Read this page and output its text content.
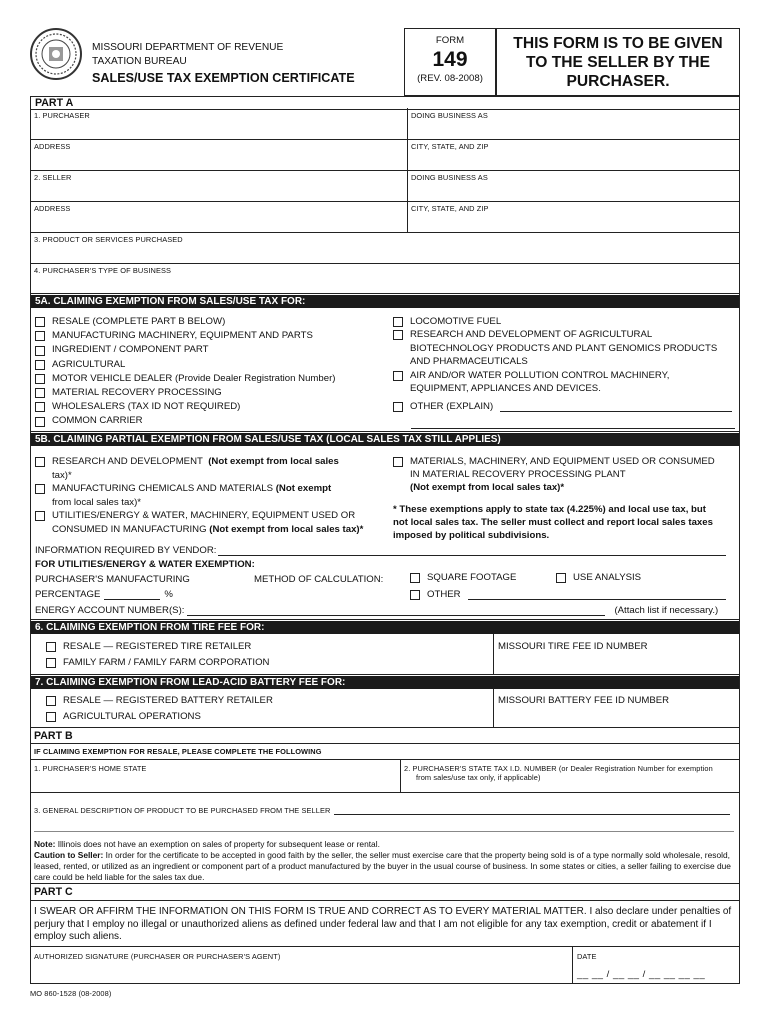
MISSOURI DEPARTMENT OF REVENUE
TAXATION BUREAU
SALES/USE TAX EXEMPTION CERTIFICATE
FORM
149
(REV. 08-2008)
THIS FORM IS TO BE GIVEN TO THE SELLER BY THE PURCHASER.
PART A
1. PURCHASER	DOING BUSINESS AS
ADDRESS	CITY, STATE, AND ZIP
2. SELLER	DOING BUSINESS AS
ADDRESS	CITY, STATE, AND ZIP
3. PRODUCT OR SERVICES PURCHASED
4. PURCHASER'S TYPE OF BUSINESS
5A. CLAIMING EXEMPTION FROM SALES/USE TAX FOR:
RESALE (COMPLETE PART B BELOW)
MANUFACTURING MACHINERY, EQUIPMENT AND PARTS
INGREDIENT / COMPONENT PART
AGRICULTURAL
MOTOR VEHICLE DEALER (Provide Dealer Registration Number)
MATERIAL RECOVERY PROCESSING
WHOLESALERS (TAX ID NOT REQUIRED)
COMMON CARRIER
LOCOMOTIVE FUEL
RESEARCH AND DEVELOPMENT OF AGRICULTURAL
BIOTECHNOLOGY PRODUCTS AND PLANT GENOMICS PRODUCTS
AND PHARMACEUTICALS
AIR AND/OR WATER POLLUTION CONTROL MACHINERY,
EQUIPMENT, APPLIANCES AND DEVICES.
OTHER (EXPLAIN)
5B. CLAIMING PARTIAL EXEMPTION FROM SALES/USE TAX (LOCAL SALES TAX STILL APPLIES)
RESEARCH AND DEVELOPMENT (Not exempt from local sales
tax)*
MANUFACTURING CHEMICALS AND MATERIALS (Not exempt
from local sales tax)*
UTILITIES/ENERGY & WATER, MACHINERY, EQUIPMENT USED OR
CONSUMED IN MANUFACTURING (Not exempt from local sales tax)*
MATERIALS, MACHINERY, AND EQUIPMENT USED OR CONSUMED
IN MATERIAL RECOVERY PROCESSING PLANT
(Not exempt from local sales tax)*
* These exemptions apply to state tax (4.225%) and local use tax, but
not local sales tax. The seller must collect and report local sales taxes
imposed by political subdivisions.
INFORMATION REQUIRED BY VENDOR:
FOR UTILITIES/ENERGY & WATER EXEMPTION:
PURCHASER'S MANUFACTURING	METHOD OF CALCULATION:	SQUARE FOOTAGE	USE ANALYSIS
PERCENTAGE	%	OTHER
ENERGY ACCOUNT NUMBER(S):	(Attach list if necessary.)
6. CLAIMING EXEMPTION FROM TIRE FEE FOR:
RESALE — REGISTERED TIRE RETAILER
FAMILY FARM / FAMILY FARM CORPORATION
MISSOURI TIRE FEE ID NUMBER
7. CLAIMING EXEMPTION FROM LEAD-ACID BATTERY FEE FOR:
RESALE — REGISTERED BATTERY RETAILER
AGRICULTURAL OPERATIONS
MISSOURI BATTERY FEE ID NUMBER
PART B
IF CLAIMING EXEMPTION FOR RESALE, PLEASE COMPLETE THE FOLLOWING
1. PURCHASER'S HOME STATE	2. PURCHASER'S STATE TAX I.D. NUMBER (or Dealer Registration Number for exemption
from sales/use tax only, if applicable)
3. GENERAL DESCRIPTION OF PRODUCT TO BE PURCHASED FROM THE SELLER
Note: Illinois does not have an exemption on sales of property for subsequent lease or rental.
Caution to Seller: In order for the certificate to be accepted in good faith by the seller, the seller must exercise care that the property being sold is of a type normally sold wholesale, resold, leased, rented, or utilized as an ingredient or component part of a product manufactured by the buyer in the usual course of business. In some states or cities, a seller failing to exercise due care could be held liable for the sales tax due.
PART C
I SWEAR OR AFFIRM THE INFORMATION ON THIS FORM IS TRUE AND CORRECT AS TO EVERY MATERIAL MATTER. I also declare under penalties of perjury that I employ no illegal or unauthorized aliens as defined under federal law and that I am not eligible for any tax exemption, credit or abatement if I employ such aliens.
AUTHORIZED SIGNATURE (PURCHASER OR PURCHASER'S AGENT)	DATE
__ __ / __ __ / __ __ __ __
MO 860-1528 (08-2008)
